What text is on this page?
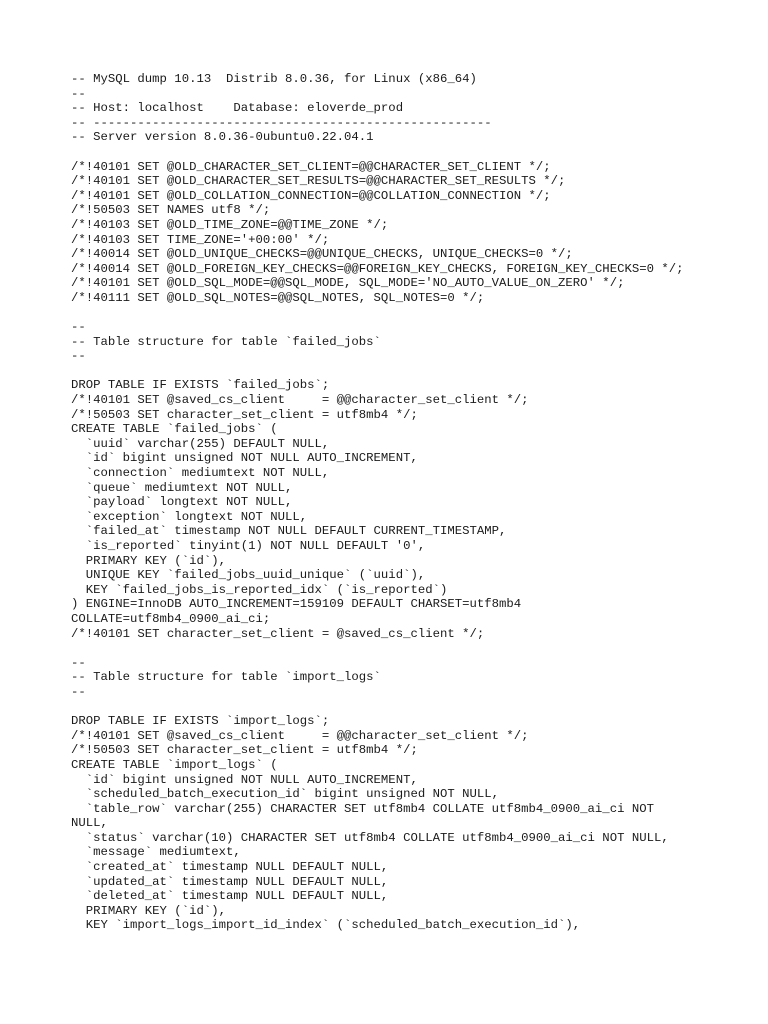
-- MySQL dump 10.13  Distrib 8.0.36, for Linux (x86_64)
--
-- Host: localhost    Database: eloverde_prod
-- ------------------------------------------------------
-- Server version 8.0.36-0ubuntu0.22.04.1
/*!40101 SET @OLD_CHARACTER_SET_CLIENT=@@CHARACTER_SET_CLIENT */;
/*!40101 SET @OLD_CHARACTER_SET_RESULTS=@@CHARACTER_SET_RESULTS */;
/*!40101 SET @OLD_COLLATION_CONNECTION=@@COLLATION_CONNECTION */;
/*!50503 SET NAMES utf8 */;
/*!40103 SET @OLD_TIME_ZONE=@@TIME_ZONE */;
/*!40103 SET TIME_ZONE='+00:00' */;
/*!40014 SET @OLD_UNIQUE_CHECKS=@@UNIQUE_CHECKS, UNIQUE_CHECKS=0 */;
/*!40014 SET @OLD_FOREIGN_KEY_CHECKS=@@FOREIGN_KEY_CHECKS, FOREIGN_KEY_CHECKS=0 */;
/*!40101 SET @OLD_SQL_MODE=@@SQL_MODE, SQL_MODE='NO_AUTO_VALUE_ON_ZERO' */;
/*!40111 SET @OLD_SQL_NOTES=@@SQL_NOTES, SQL_NOTES=0 */;
--
-- Table structure for table `failed_jobs`
--
DROP TABLE IF EXISTS `failed_jobs`;
/*!40101 SET @saved_cs_client     = @@character_set_client */;
/*!50503 SET character_set_client = utf8mb4 */;
CREATE TABLE `failed_jobs` (
`uuid` varchar(255) DEFAULT NULL,
`id` bigint unsigned NOT NULL AUTO_INCREMENT,
`connection` mediumtext NOT NULL,
`queue` mediumtext NOT NULL,
`payload` longtext NOT NULL,
`exception` longtext NOT NULL,
`failed_at` timestamp NOT NULL DEFAULT CURRENT_TIMESTAMP,
`is_reported` tinyint(1) NOT NULL DEFAULT '0',
PRIMARY KEY (`id`),
UNIQUE KEY `failed_jobs_uuid_unique` (`uuid`),
KEY `failed_jobs_is_reported_idx` (`is_reported`)
) ENGINE=InnoDB AUTO_INCREMENT=159109 DEFAULT CHARSET=utf8mb4
COLLATE=utf8mb4_0900_ai_ci;
/*!40101 SET character_set_client = @saved_cs_client */;
--
-- Table structure for table `import_logs`
--
DROP TABLE IF EXISTS `import_logs`;
/*!40101 SET @saved_cs_client     = @@character_set_client */;
/*!50503 SET character_set_client = utf8mb4 */;
CREATE TABLE `import_logs` (
`id` bigint unsigned NOT NULL AUTO_INCREMENT,
`scheduled_batch_execution_id` bigint unsigned NOT NULL,
`table_row` varchar(255) CHARACTER SET utf8mb4 COLLATE utf8mb4_0900_ai_ci NOT
NULL,
`status` varchar(10) CHARACTER SET utf8mb4 COLLATE utf8mb4_0900_ai_ci NOT NULL,
`message` mediumtext,
`created_at` timestamp NULL DEFAULT NULL,
`updated_at` timestamp NULL DEFAULT NULL,
`deleted_at` timestamp NULL DEFAULT NULL,
PRIMARY KEY (`id`),
KEY `import_logs_import_id_index` (`scheduled_batch_execution_id`),
